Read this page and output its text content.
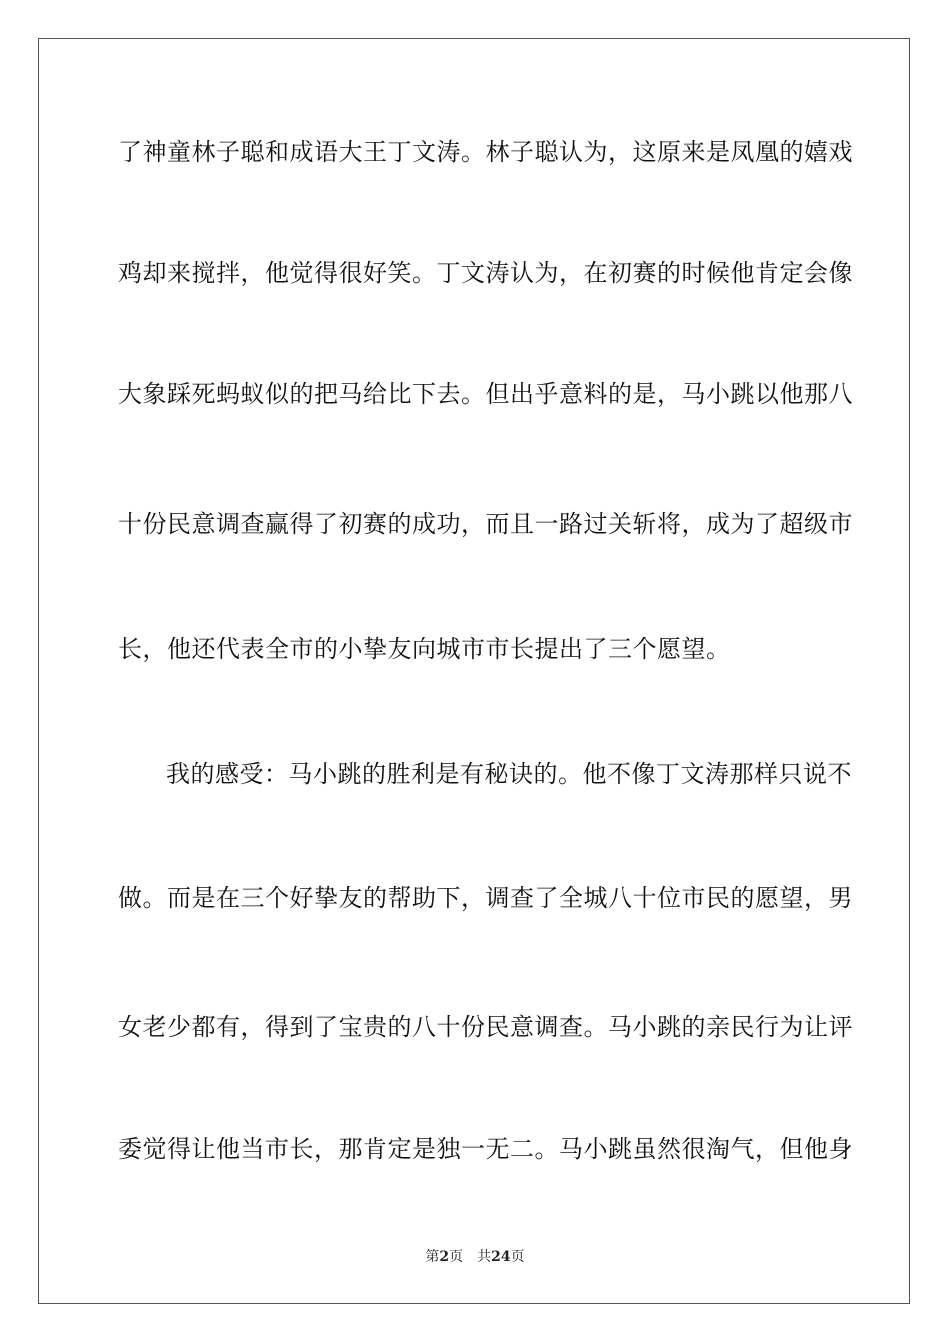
了神童林子聪和成语大王丁文涛。林子聪认为，这原来是凤凰的嬉戏
鸡却来搅拌，他觉得很好笑。丁文涛认为，在初赛的时候他肯定会像
大象踩死蚂蚁似的把马给比下去。但出乎意料的是，马小跳以他那八
十份民意调查赢得了初赛的成功，而且一路过关斩将，成为了超级市
长，他还代表全市的小挚友向城市市长提出了三个愿望。
我的感受：马小跳的胜利是有秘诀的。他不像丁文涛那样只说不
做。而是在三个好挚友的帮助下，调查了全城八十位市民的愿望，男
女老少都有，得到了宝贵的八十份民意调查。马小跳的亲民行为让评
委觉得让他当市长，那肯定是独一无二。马小跳虽然很淘气，但他身
第2页 共24页
